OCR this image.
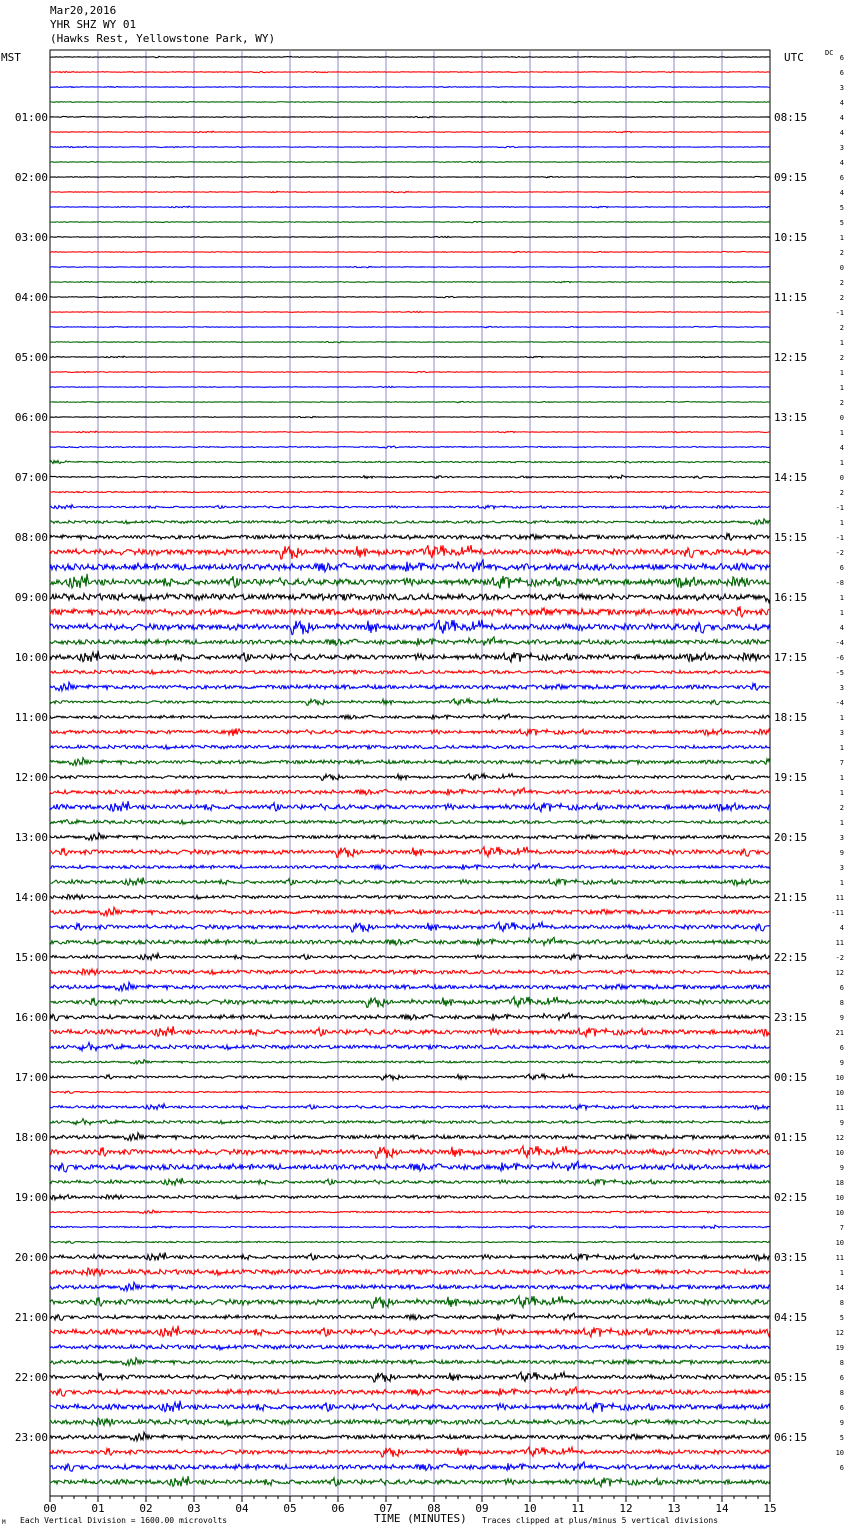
Mar20,2016
YHR SHZ WY 01
(Hawks Rest, Yellowstone Park, WY)
MST	UTC	DC
Each Vertical Division = 1600.00 microvolts
M	TIME (MINUTES) Traces clipped at plus/minus 5 vertical divisions
00	01	02	03	04	05	06	07	08	09	10	11	12	13	14	15
6
6
3
4
4
01:00	08:15
4
3
4
6
02:00	09:15
4
5
5
1
03:00	10:15
2
0
2
2
04:00	11:15
-1
2
1
2
05:00	12:15
1
1
2
0
06:00	13:15
1
4
1
0
07:00	14:15
2
-1
1
-1
08:00	15:15
-2
6
-8
1
09:00	16:15
1
4
-4
-6
10:00	17:15
-5
3
-4
1
11:00	18:15
3
1
7
1
12:00	19:15
1
2
1
3
13:00	20:15
9
3
1
11
14:00	21:15
-11
4
11
-2
15:00	22:15
12
6
8
9
16:00	23:15
21
6
9
10
17:00	00:15
10
11
9
12
18:00	01:15
10
9
18
10
19:00	02:15
10
7
10
11
20:00	03:15
1
14
8
5
21:00	04:15
12
19
8
6
22:00	05:15
8
6
9
5
23:00	06:15
10
6
